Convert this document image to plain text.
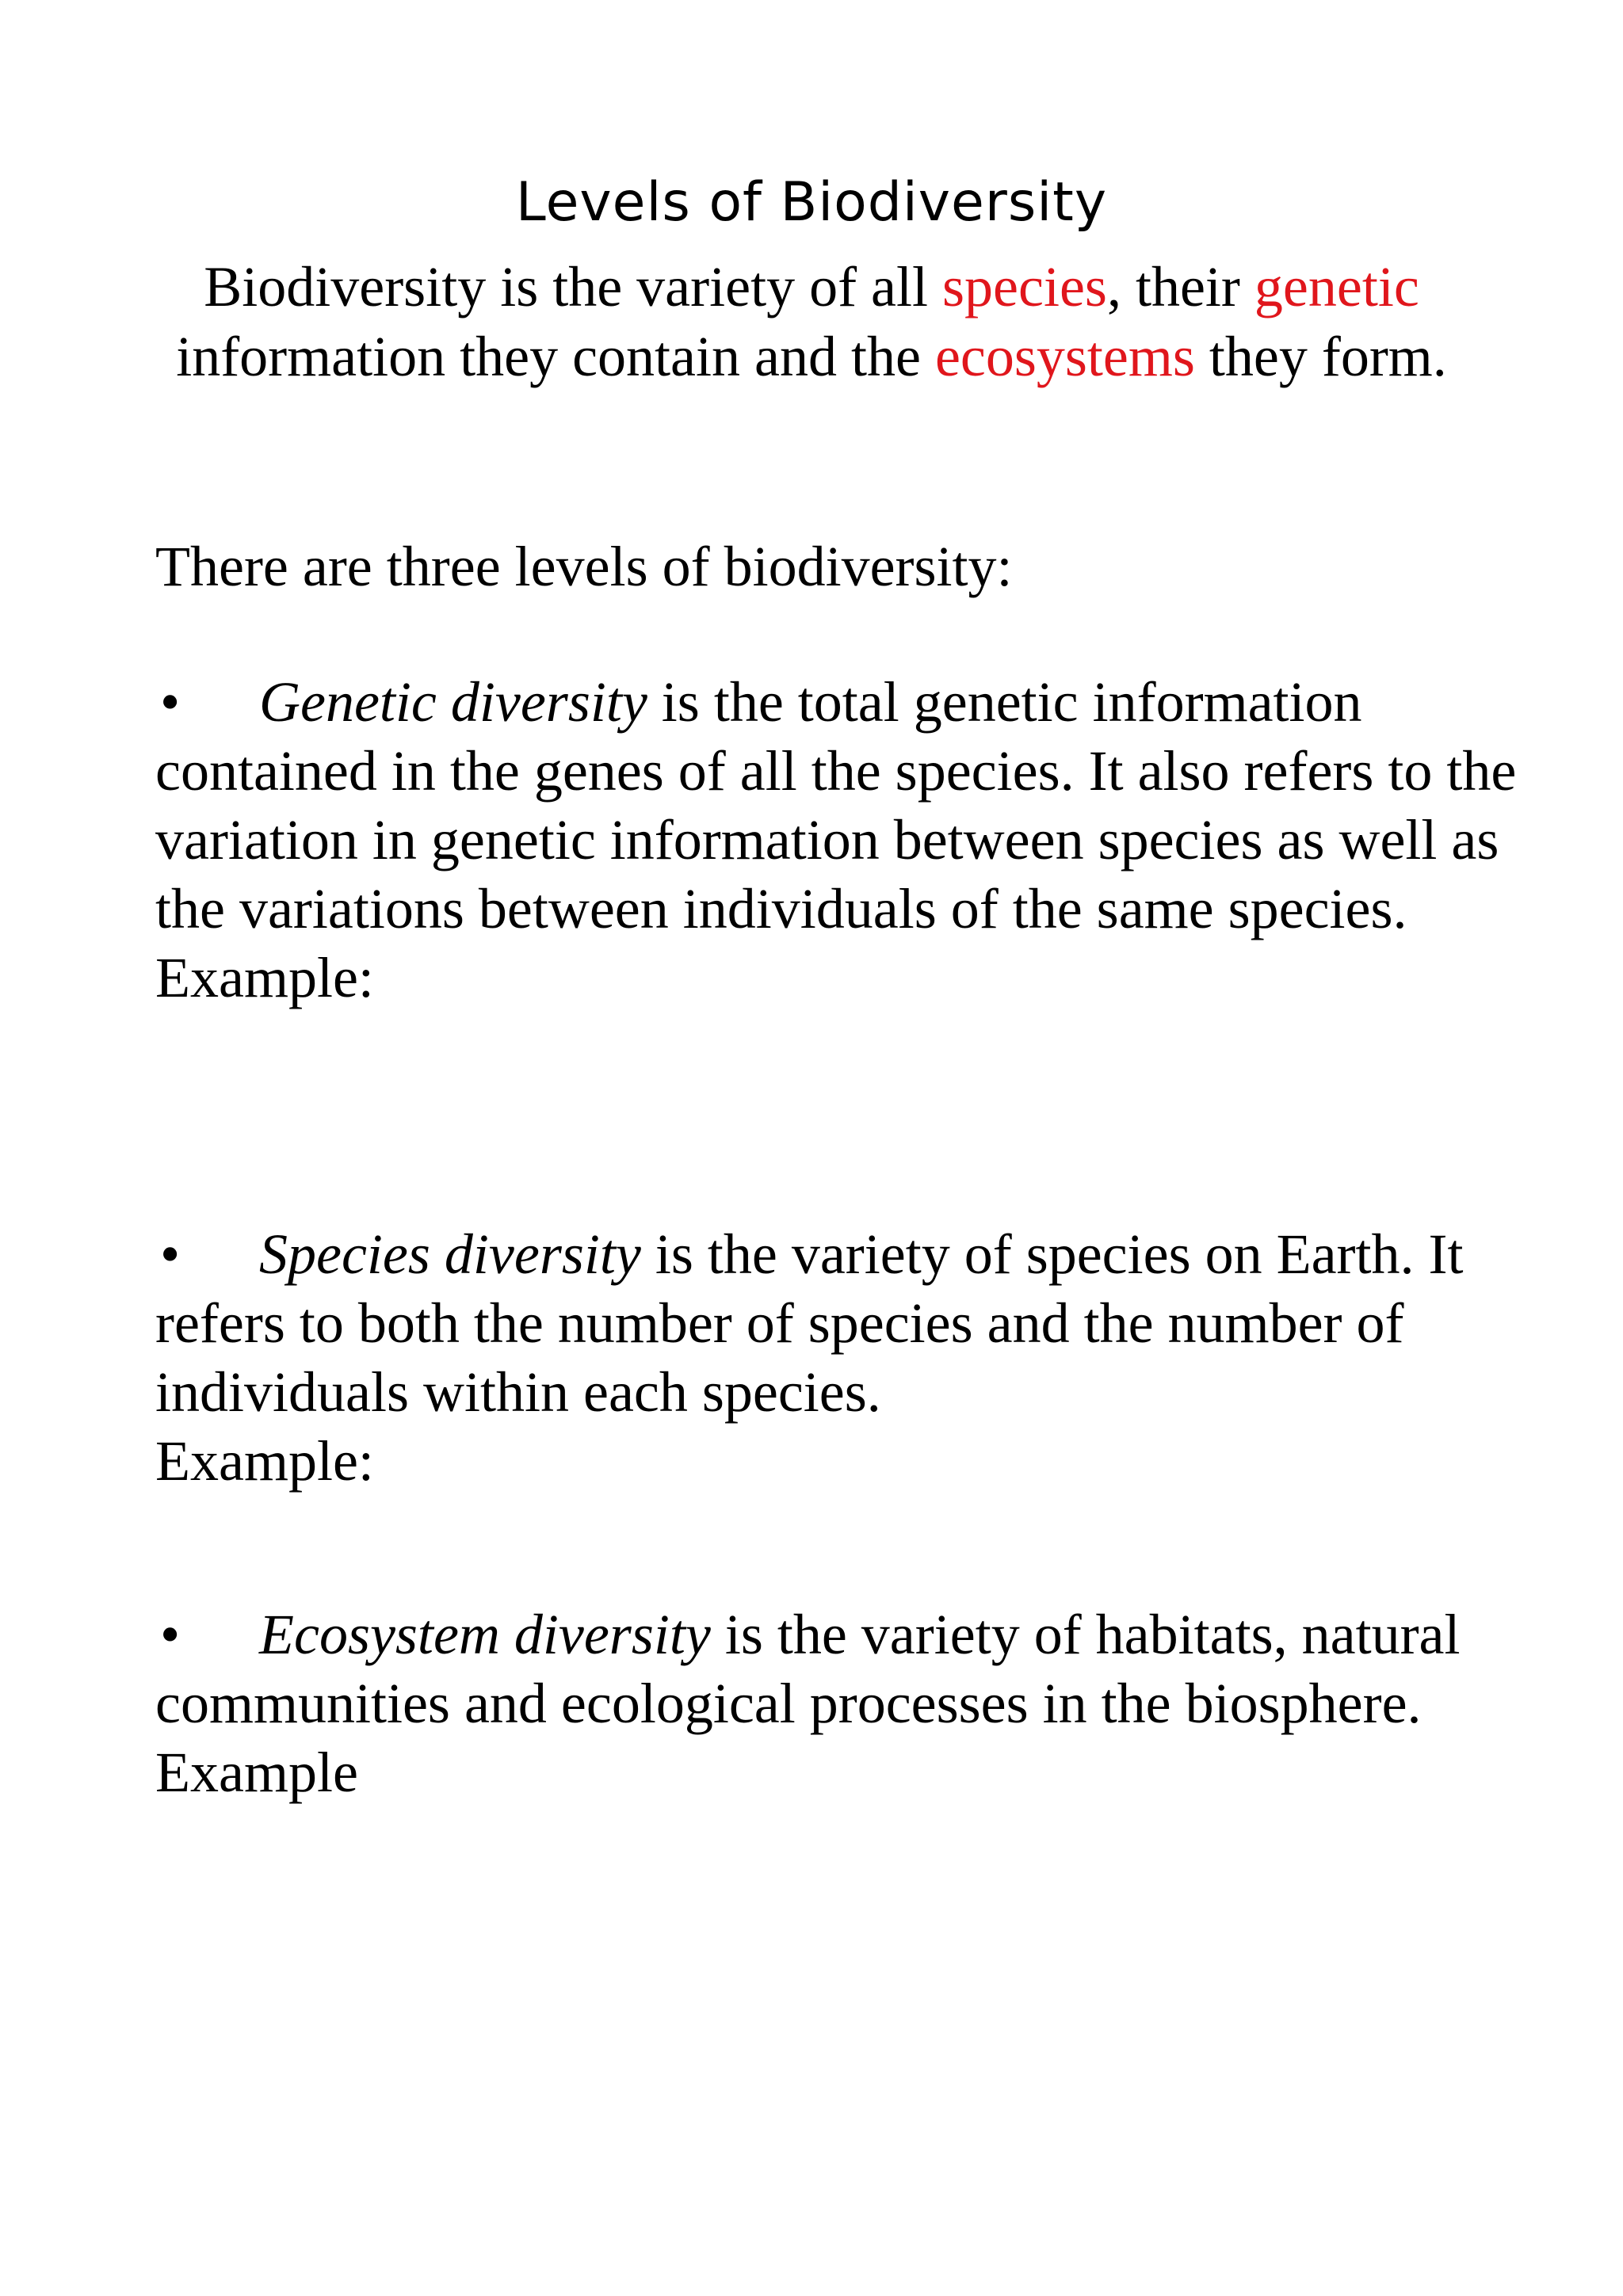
Levels of Biodiversity
Biodiversity is the variety of all species, their genetic information they contain and the ecosystems they form.
There are three levels of biodiversity:
• Genetic diversity is the total genetic information contained in the genes of all the species. It also refers to the variation in genetic information between species as well as the variations between individuals of the same species.
Example:
• Species diversity is the variety of species on Earth. It refers to both the number of species and the number of individuals within each species.
Example:
• Ecosystem diversity is the variety of habitats, natural communities and ecological processes in the biosphere.
Example
